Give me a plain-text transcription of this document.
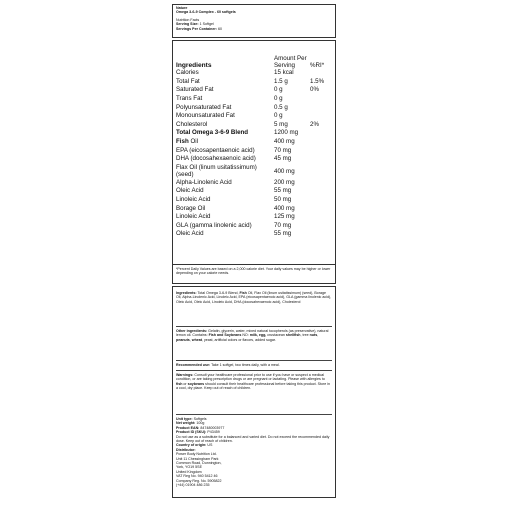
Nature
Omega 3-6-9 Complex - 60 softgels
Nutrition Facts
Serving Size: 1 Softgel
Servings Per Container: 60
Ingredients	Amount Per Serving	%RI*
Calories	15 kcal	
Total Fat	1.5 g	1.5%
Saturated Fat	0 g	0%
Trans Fat	0 g	
Polyunsaturated Fat	0.5 g	
Monounsaturated Fat	0 g	
Cholesterol	5 mg	2%
Total Omega 3-6-9 Blend	1200 mg	
Fish Oil	400 mg	
EPA (eicosapentaenoic acid)	70 mg	
DHA (docosahexaenoic acid)	45 mg	
Flax Oil (linum usitatissimum) (seed)	400 mg	
Alpha-Linolenic Acid	200 mg	
Oleic Acid	55 mg	
Linoleic Acid	50 mg	
Borage Oil	400 mg	
Linoleic Acid	125 mg	
GLA (gamma linolenic acid)	70 mg	
Oleic Acid	55 mg	
*Percent Daily Values are based on a 2,000 calorie diet. Your daily values may be higher or lower depending on your calorie needs.

Ingredients: Total Omega 3-6-9 Blend, Fish Oil, Flax Oil (linum usitatissimum) (seed), Borage Oil, Alpha-Linolenic Acid, Linoleic Acid, EPA (eicosapentaenoic acid), GLA (gamma linolenic acid), Oleic Acid, Oleic Acid, Linoleic Acid, DHA (docosahexaenoic acid), Cholesterol

Other ingredients: Gelatin, glycerin, water, mixed natural tocopherols (as preservative), natural lemon oil. Contains: Fish and Soybeans NO: milk, egg, crustacean shellfish, tree nuts, peanuts, wheat, yeast, artificial colors or flavors, added sugar.

Recommended use: Take 1 softgel, two times daily, with a meal.

Warnings: Consult your healthcare professional prior to use if you have or suspect a medical condition, or are taking prescription drugs or are pregnant or lactating. Please with allergies to fish or soybeans should consult their healthcare professional before taking this product. Store in a cool, dry place. Keep out of reach of children.

Unit type: Softgels

Net weight: 100g

Product EAN: 847480003977

Product ID (SKU): P43459

Do not use as a substitute for a balanced and varied diet. Do not exceed the recommended daily dose. Keep out of reach of children.

Country of origin: US

Distributor:

Power Body Nutrition Ltd.

Unit 11 Chessingham Park

Common Road, Dunnington,

York, YO19 5SE

United Kingdom

VAT Reg No. 940 5412 46

Company Reg. No. 5905822

(+44) 01904 486 235
